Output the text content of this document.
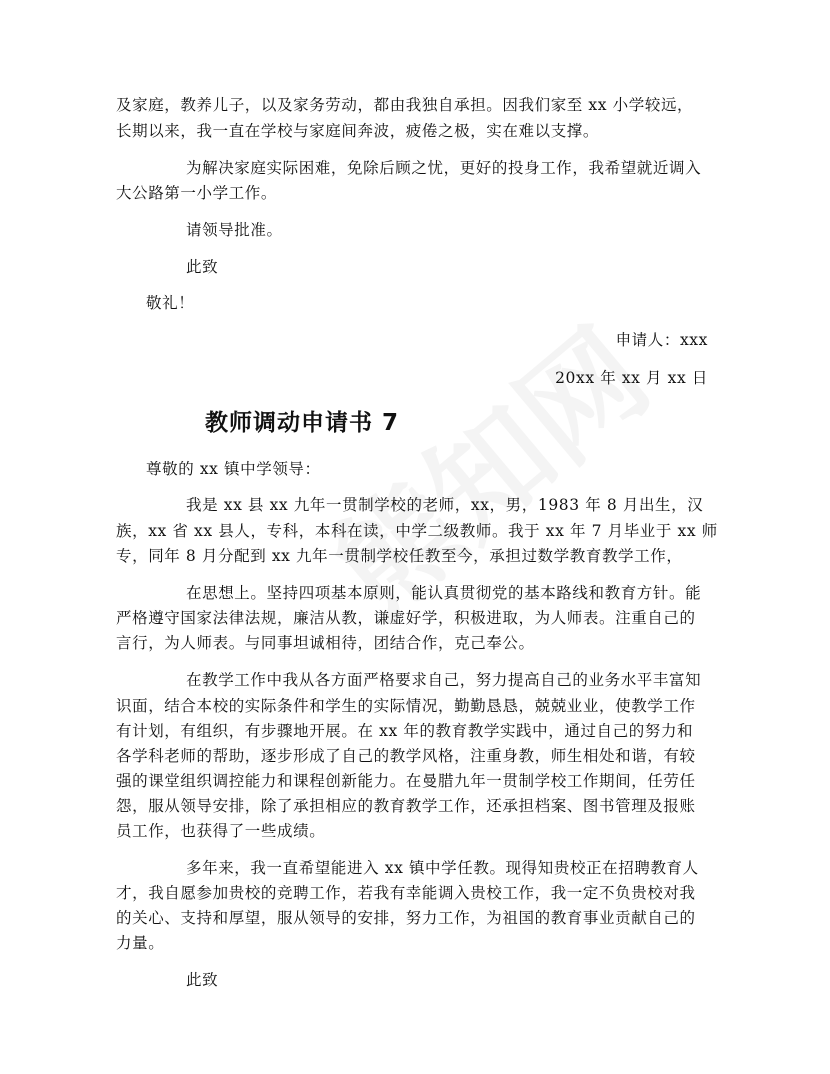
及家庭，教养儿子，以及家务劳动，都由我独自承担。因我们家至 xx 小学较远，
长期以来，我一直在学校与家庭间奔波，疲倦之极，实在难以支撑。
为解决家庭实际困难，免除后顾之忧，更好的投身工作，我希望就近调入
大公路第一小学工作。
请领导批准。
此致
敬礼！
申请人：xxx
20xx 年 xx 月 xx 日
教师调动申请书 7
尊敬的 xx 镇中学领导：
我是 xx 县 xx 九年一贯制学校的老师，xx，男，1983 年 8 月出生，汉
族，xx 省 xx 县人，专科，本科在读，中学二级教师。我于 xx 年 7 月毕业于 xx 师
专，同年 8 月分配到 xx 九年一贯制学校任教至今，承担过数学教育教学工作，
在思想上。坚持四项基本原则，能认真贯彻党的基本路线和教育方针。能
严格遵守国家法律法规，廉洁从教，谦虚好学，积极进取，为人师表。注重自己的
言行，为人师表。与同事坦诚相待，团结合作，克己奉公。
在教学工作中我从各方面严格要求自己，努力提高自己的业务水平丰富知
识面，结合本校的实际条件和学生的实际情况，勤勤恳恳，兢兢业业，使教学工作
有计划，有组织，有步骤地开展。在 xx 年的教育教学实践中，通过自己的努力和
各学科老师的帮助，逐步形成了自己的教学风格，注重身教，师生相处和谐，有较
强的课堂组织调控能力和课程创新能力。在曼腊九年一贯制学校工作期间，任劳任
怨，服从领导安排，除了承担相应的教育教学工作，还承担档案、图书管理及报账
员工作，也获得了一些成绩。
多年来，我一直希望能进入 xx 镇中学任教。现得知贵校正在招聘教育人
才，我自愿参加贵校的竞聘工作，若我有幸能调入贵校工作，我一定不负贵校对我
的关心、支持和厚望，服从领导的安排，努力工作，为祖国的教育事业贡献自己的
力量。
此致
